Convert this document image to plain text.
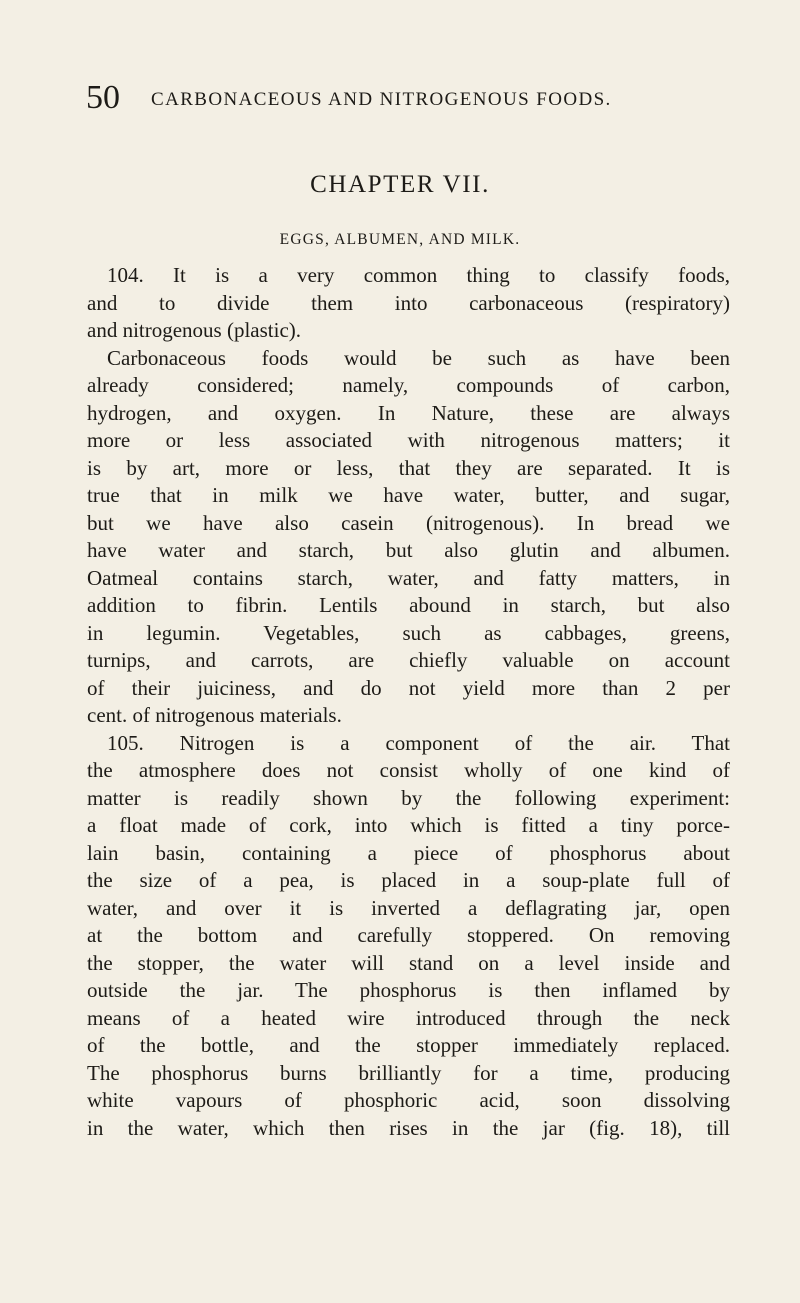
50 CARBONACEOUS AND NITROGENOUS FOODS.
CHAPTER VII.
EGGS, ALBUMEN, AND MILK.
104. It is a very common thing to classify foods,
and to divide them into carbonaceous (respiratory)
and nitrogenous (plastic).
Carbonaceous foods would be such as have been
already considered; namely, compounds of carbon,
hydrogen, and oxygen. In Nature, these are always
more or less associated with nitrogenous matters; it
is by art, more or less, that they are separated. It is
true that in milk we have water, butter, and sugar,
but we have also casein (nitrogenous). In bread we
have water and starch, but also glutin and albumen.
Oatmeal contains starch, water, and fatty matters, in
addition to fibrin. Lentils abound in starch, but also
in legumin. Vegetables, such as cabbages, greens,
turnips, and carrots, are chiefly valuable on account
of their juiciness, and do not yield more than 2 per
cent. of nitrogenous materials.
105. Nitrogen is a component of the air. That
the atmosphere does not consist wholly of one kind of
matter is readily shown by the following experiment:
a float made of cork, into which is fitted a tiny porce-
lain basin, containing a piece of phosphorus about
the size of a pea, is placed in a soup-plate full of
water, and over it is inverted a deflagrating jar, open
at the bottom and carefully stoppered. On removing
the stopper, the water will stand on a level inside and
outside the jar. The phosphorus is then inflamed by
means of a heated wire introduced through the neck
of the bottle, and the stopper immediately replaced.
The phosphorus burns brilliantly for a time, producing
white vapours of phosphoric acid, soon dissolving
in the water, which then rises in the jar (fig. 18), till
